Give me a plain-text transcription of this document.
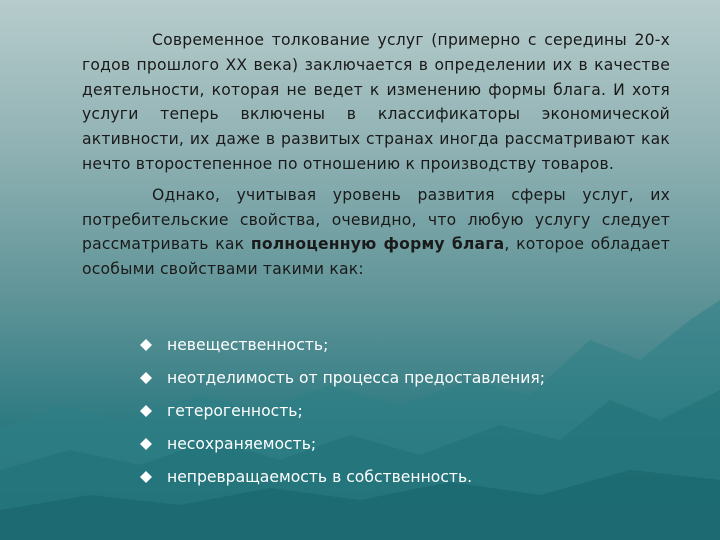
Современное толкование услуг (примерно с середины 20-х годов прошлого XX века) заключается в определении их в качестве деятельности, которая не ведет к изменению формы блага. И хотя услуги теперь включены в классификаторы экономической активности, их даже в развитых странах иногда рассматривают как нечто второстепенное по отношению к производству товаров.

Однако, учитывая уровень развития сферы услуг, их потребительские свойства, очевидно, что любую услугу следует рассматривать как полноценную форму блага, которое обладает особыми свойствами такими как:

невещественность;
неотделимость от процесса предоставления;
гетерогенность;
несохраняемость;
непревращаемость в собственность.
